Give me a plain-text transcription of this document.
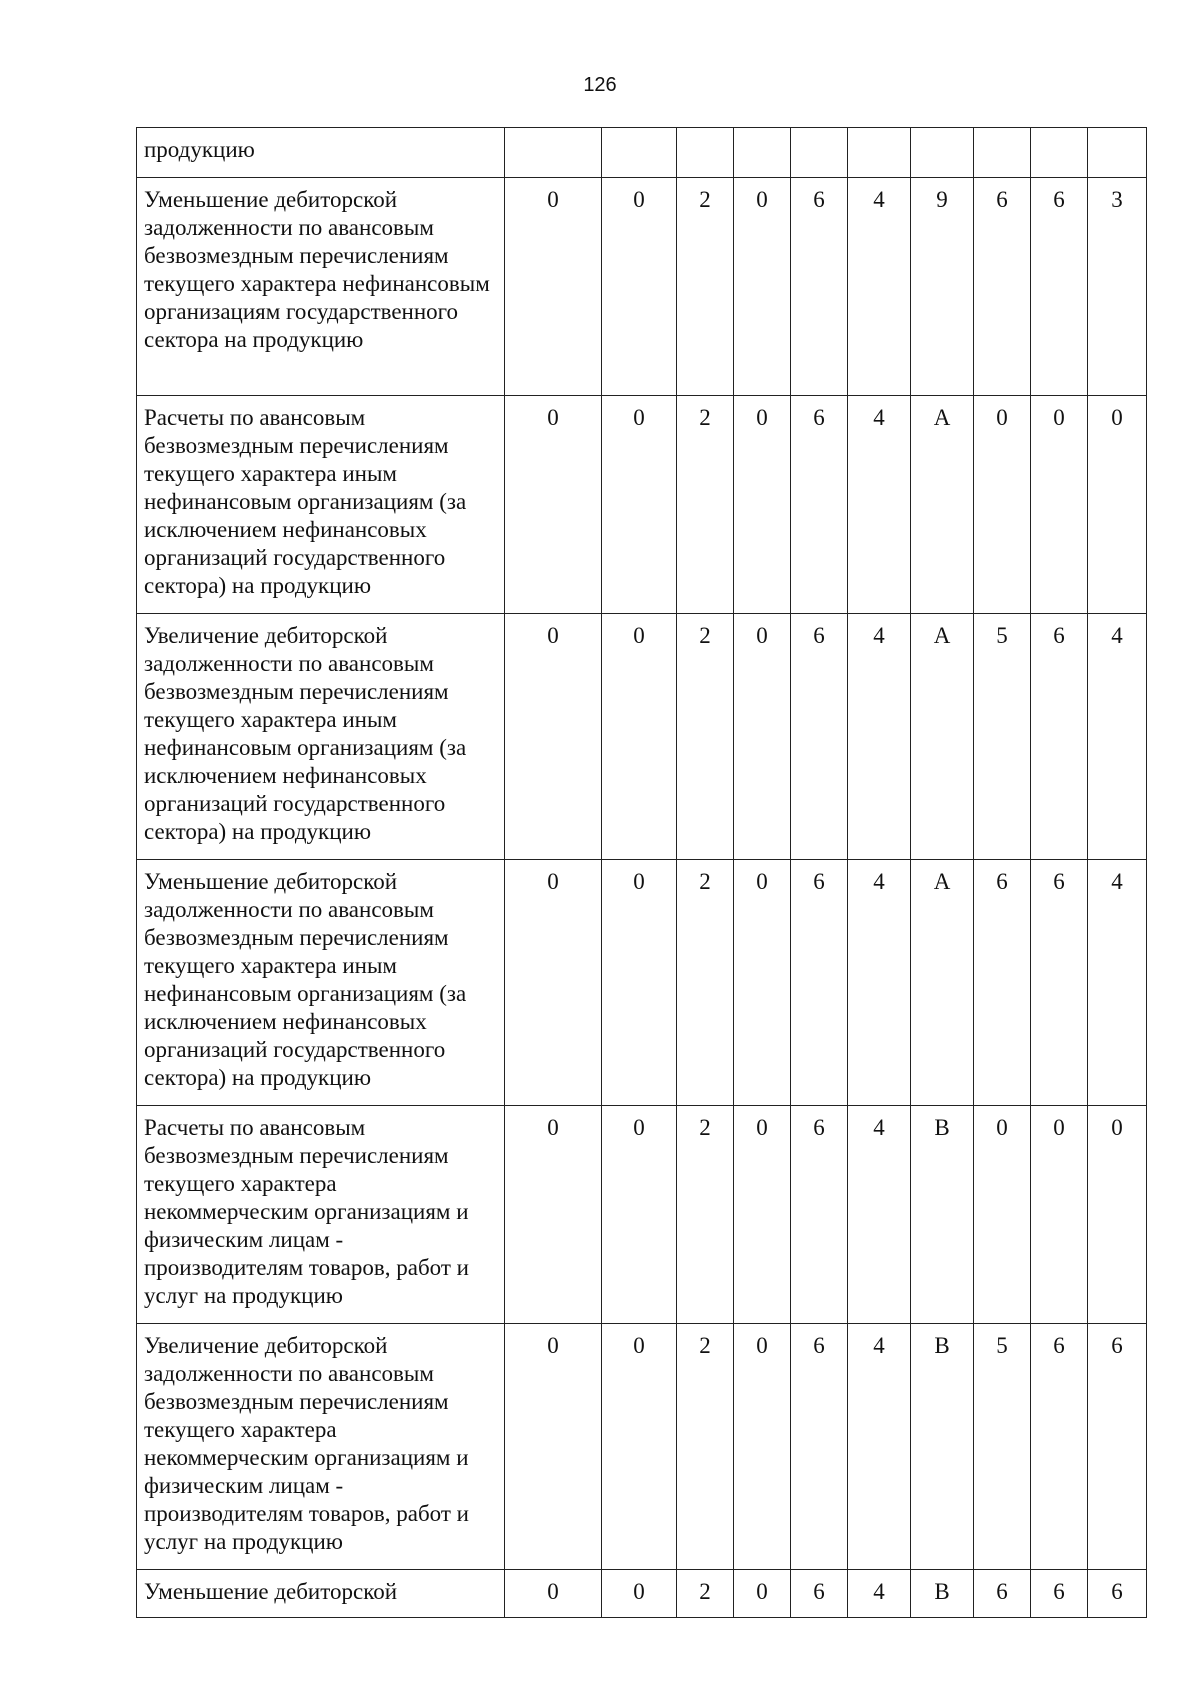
126
продукцию										
Уменьшение дебиторской задолженности по авансовым безвозмездным перечислениям текущего характера нефинансовым организациям государственного сектора на продукцию	0	0	2	0	6	4	9	6	6	3
Расчеты по авансовым безвозмездным перечислениям текущего характера иным нефинансовым организациям (за исключением нефинансовых организаций государственного сектора) на продукцию	0	0	2	0	6	4	A	0	0	0
Увеличение дебиторской задолженности по авансовым безвозмездным перечислениям текущего характера иным нефинансовым организациям (за исключением нефинансовых организаций государственного сектора) на продукцию	0	0	2	0	6	4	A	5	6	4
Уменьшение дебиторской задолженности по авансовым безвозмездным перечислениям текущего характера иным нефинансовым организациям (за исключением нефинансовых организаций государственного сектора) на продукцию	0	0	2	0	6	4	A	6	6	4
Расчеты по авансовым безвозмездным перечислениям текущего характера некоммерческим организациям и физическим лицам - производителям товаров, работ и услуг на продукцию	0	0	2	0	6	4	B	0	0	0
Увеличение дебиторской задолженности по авансовым безвозмездным перечислениям текущего характера некоммерческим организациям и физическим лицам - производителям товаров, работ и услуг на продукцию	0	0	2	0	6	4	B	5	6	6
Уменьшение дебиторской	0	0	2	0	6	4	B	6	6	6
